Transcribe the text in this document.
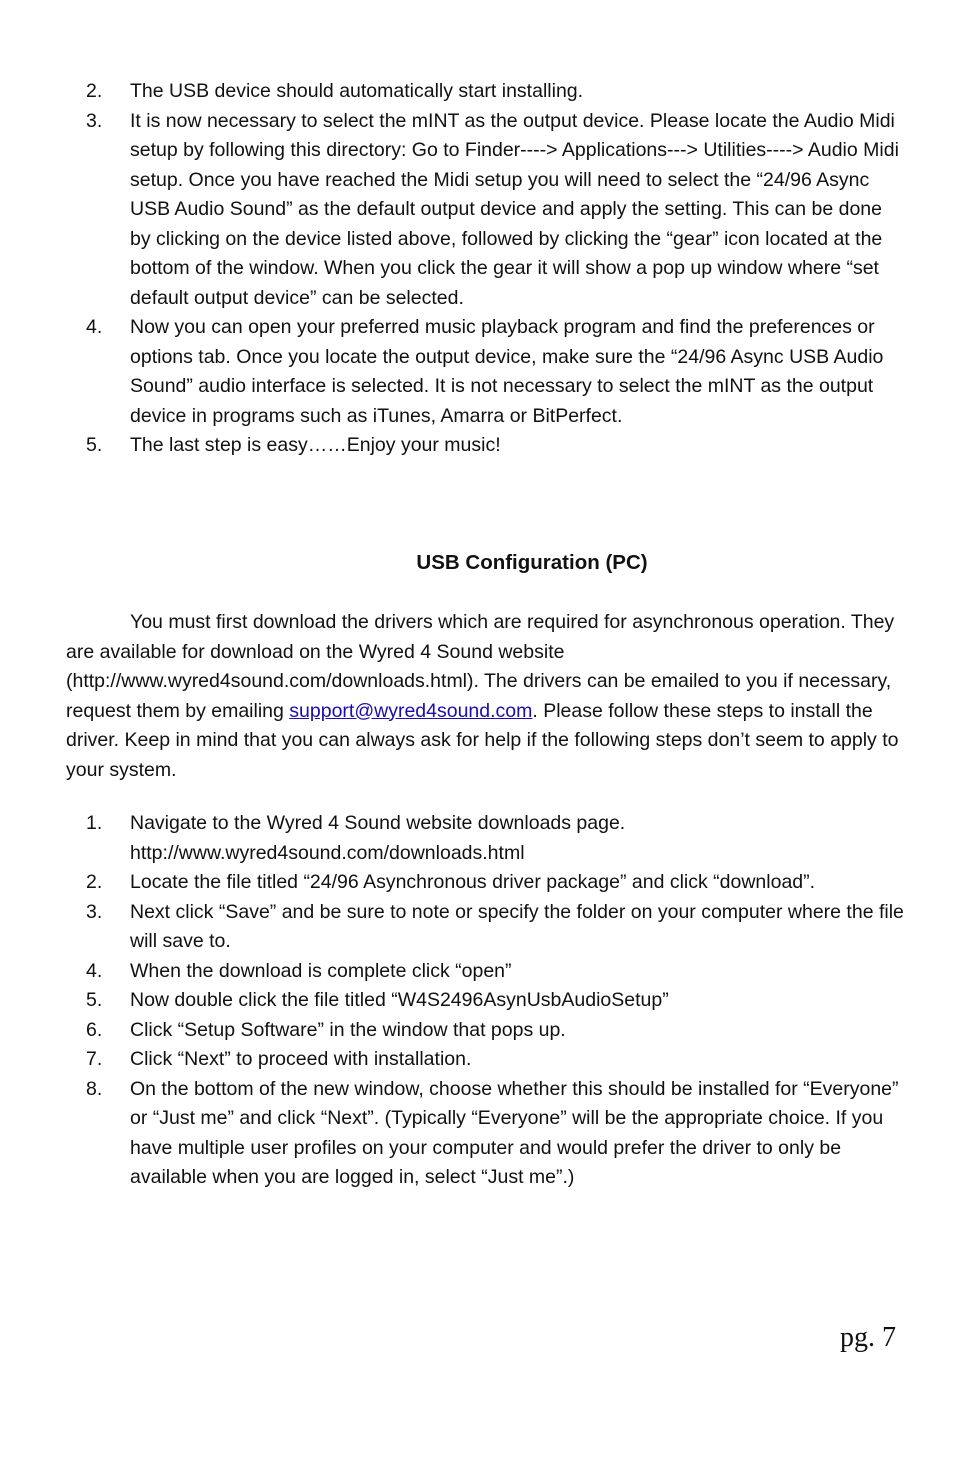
2. The USB device should automatically start installing.
3. It is now necessary to select the mINT as the output device. Please locate the Audio Midi setup by following this directory: Go to Finder----> Applications---> Utilities----> Audio Midi setup. Once you have reached the Midi setup you will need to select the “24/96 Async USB Audio Sound” as the default output device and apply the setting. This can be done by clicking on the device listed above, followed by clicking the “gear” icon located at the bottom of the window. When you click the gear it will show a pop up window where “set default output device” can be selected.
4. Now you can open your preferred music playback program and find the preferences or options tab. Once you locate the output device, make sure the “24/96 Async USB Audio Sound” audio interface is selected. It is not necessary to select the mINT as the output device in programs such as iTunes, Amarra or BitPerfect.
5. The last step is easy……Enjoy your music!
USB Configuration (PC)

You must first download the drivers which are required for asynchronous operation. They are available for download on the Wyred 4 Sound website (http://www.wyred4sound.com/downloads.html). The drivers can be emailed to you if necessary, request them by emailing support@wyred4sound.com. Please follow these steps to install the driver. Keep in mind that you can always ask for help if the following steps don’t seem to apply to your system.

1. Navigate to the Wyred 4 Sound website downloads page. http://www.wyred4sound.com/downloads.html
2. Locate the file titled “24/96 Asynchronous driver package” and click “download”.
3. Next click “Save” and be sure to note or specify the folder on your computer where the file will save to.
4. When the download is complete click “open”
5. Now double click the file titled “W4S2496AsynUsbAudioSetup”
6. Click “Setup Software” in the window that pops up.
7. Click “Next” to proceed with installation.
8. On the bottom of the new window, choose whether this should be installed for “Everyone” or “Just me” and click “Next”. (Typically “Everyone” will be the appropriate choice. If you have multiple user profiles on your computer and would prefer the driver to only be available when you are logged in, select “Just me”.)
pg. 7
